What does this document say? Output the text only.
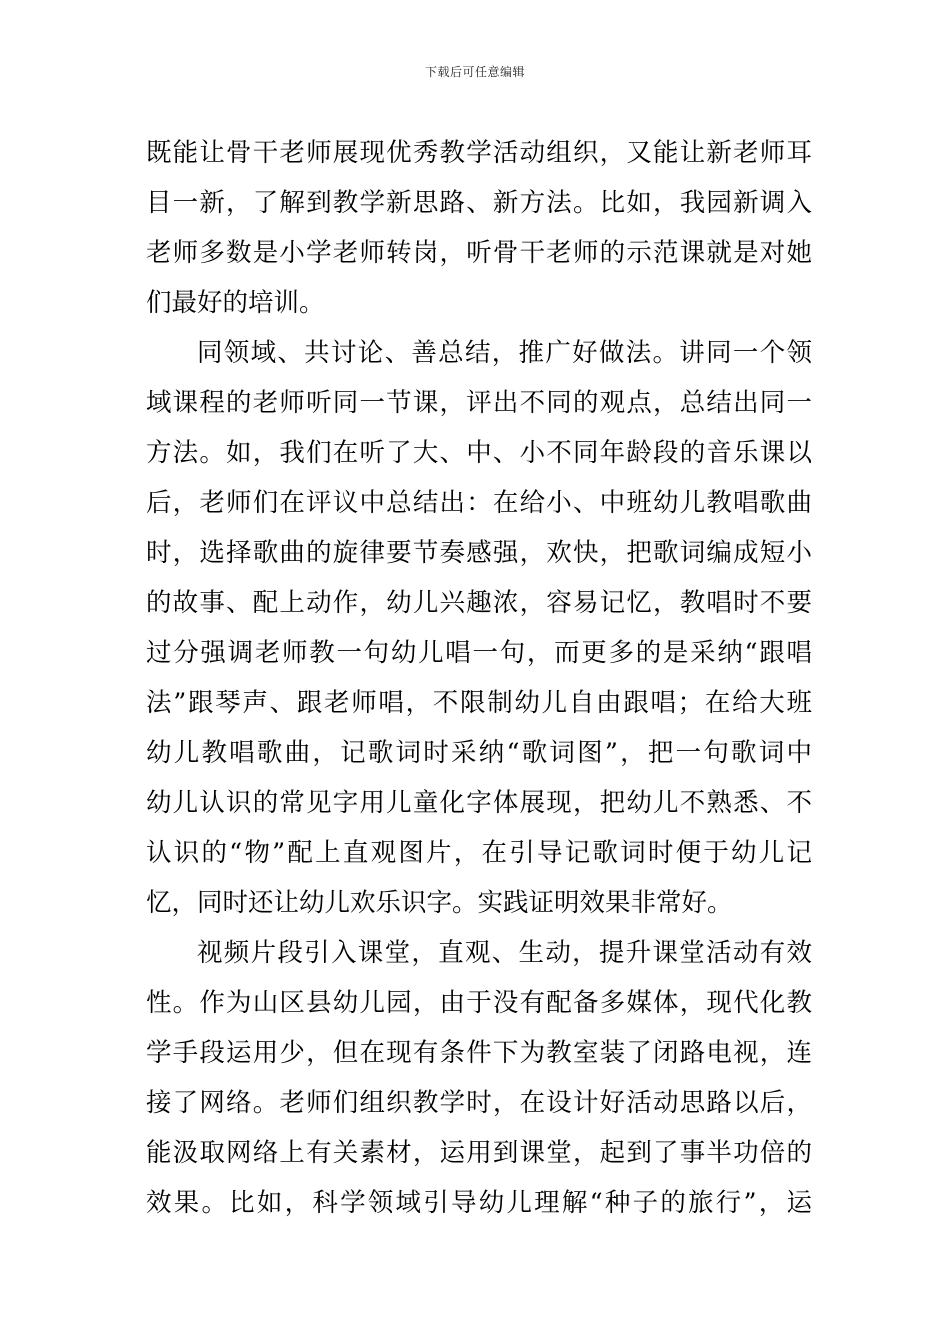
下载后可任意编辑
既能让骨干老师展现优秀教学活动组织，又能让新老师耳
目一新，了解到教学新思路、新方法。比如，我园新调入
老师多数是小学老师转岗，听骨干老师的示范课就是对她
们最好的培训。
同领域、共讨论、善总结，推广好做法。讲同一个领
域课程的老师听同一节课，评出不同的观点，总结出同一
方法。如，我们在听了大、中、小不同年龄段的音乐课以
后，老师们在评议中总结出：在给小、中班幼儿教唱歌曲
时，选择歌曲的旋律要节奏感强，欢快，把歌词编成短小
的故事、配上动作，幼儿兴趣浓，容易记忆，教唱时不要
过分强调老师教一句幼儿唱一句，而更多的是采纳“跟唱
法”跟琴声、跟老师唱，不限制幼儿自由跟唱；在给大班
幼儿教唱歌曲，记歌词时采纳“歌词图”，把一句歌词中
幼儿认识的常见字用儿童化字体展现，把幼儿不熟悉、不
认识的“物”配上直观图片，在引导记歌词时便于幼儿记
忆，同时还让幼儿欢乐识字。实践证明效果非常好。
视频片段引入课堂，直观、生动，提升课堂活动有效
性。作为山区县幼儿园，由于没有配备多媒体，现代化教
学手段运用少，但在现有条件下为教室装了闭路电视，连
接了网络。老师们组织教学时，在设计好活动思路以后，
能汲取网络上有关素材，运用到课堂，起到了事半功倍的
效果。比如，科学领域引导幼儿理解“种子的旅行”，运
